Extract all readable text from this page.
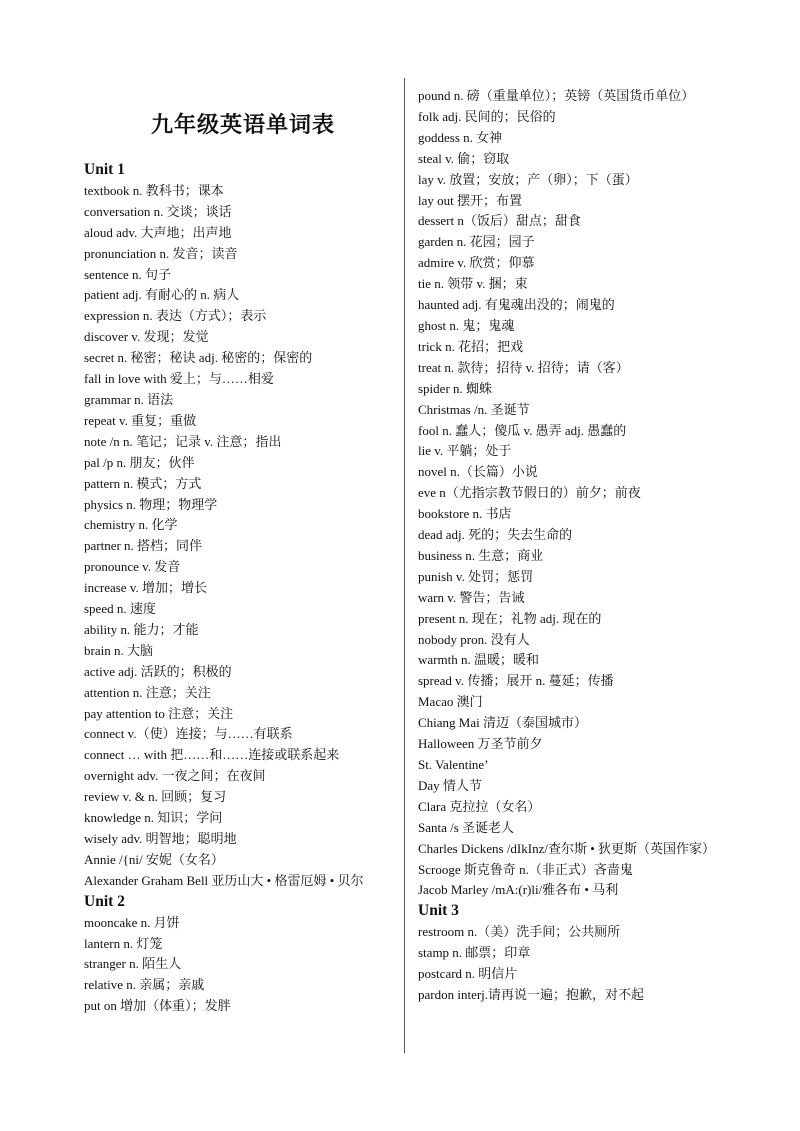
九年级英语单词表
Unit 1
textbook n. 教科书；课本
conversation n. 交谈；谈话
aloud adv. 大声地；出声地
pronunciation n. 发音；读音
sentence n. 句子
patient adj. 有耐心的 n. 病人
expression n. 表达（方式）；表示
discover v. 发现；发觉
secret n. 秘密；秘诀 adj. 秘密的；保密的
fall in love with 爱上；与……相爱
grammar n. 语法
repeat v. 重复；重做
note /n n. 笔记；记录 v. 注意；指出
pal /p n. 朋友；伙伴
pattern n. 模式；方式
physics n. 物理；物理学
chemistry n. 化学
partner n. 搭档；同伴
pronounce v. 发音
increase v. 增加；增长
speed n. 速度
ability n. 能力；才能
brain n. 大脑
active adj. 活跃的；积极的
attention n. 注意；关注
pay attention to 注意；关注
connect v.（使）连接；与……有联系
connect … with 把……和……连接或联系起来
overnight adv. 一夜之间；在夜间
review v. & n. 回顾；复习
knowledge n. 知识；学问
wisely adv. 明智地；聪明地
Annie /{ni/ 安妮（女名）
Alexander Graham Bell 亚历山大 • 格雷厄姆 • 贝尔
Unit 2
mooncake n. 月饼
lantern n. 灯笼
stranger n. 陌生人
relative n. 亲属；亲戚
put on 增加（体重）；发胖
pound n. 磅（重量单位）；英镑（英国货币单位）
folk adj. 民间的；民俗的
goddess n. 女神
steal v. 偷；窃取
lay v. 放置；安放；产（卵）；下（蛋）
lay out 摆开；布置
dessert n（饭后）甜点；甜食
garden n. 花园；园子
admire v. 欣赏；仰慕
tie n. 领带 v. 捆；束
haunted adj. 有鬼魂出没的；闹鬼的
ghost n. 鬼；鬼魂
trick n. 花招；把戏
treat n. 款待；招待 v. 招待；请（客）
spider n. 蜘蛛
Christmas /n. 圣诞节
fool n. 蠢人；傻瓜 v. 愚弄 adj. 愚蠢的
lie v. 平躺；处于
novel n.（长篇）小说
eve n（尤指宗教节假日的）前夕；前夜
bookstore n. 书店
dead adj. 死的；失去生命的
business n. 生意；商业
punish v. 处罚；惩罚
warn v. 警告；告诫
present n. 现在；礼物 adj. 现在的
nobody pron. 没有人
warmth n. 温暖；暖和
spread v. 传播；展开 n. 蔓延；传播
Macao 澳门
Chiang Mai 清迈（泰国城市）
Halloween 万圣节前夕
St. Valentine’
Day 情人节
Clara 克拉拉（女名）
Santa /s 圣诞老人
Charles Dickens /dIkInz/查尔斯 • 狄更斯（英国作家）
Scrooge 斯克鲁奇 n.（非正式）吝啬鬼
Jacob Marley /mA:(r)li/雅各布 • 马利
Unit 3
restroom n.（美）洗手间；公共厕所
stamp n. 邮票；印章
postcard n. 明信片
pardon interj.请再说一遍；抱歉，对不起
